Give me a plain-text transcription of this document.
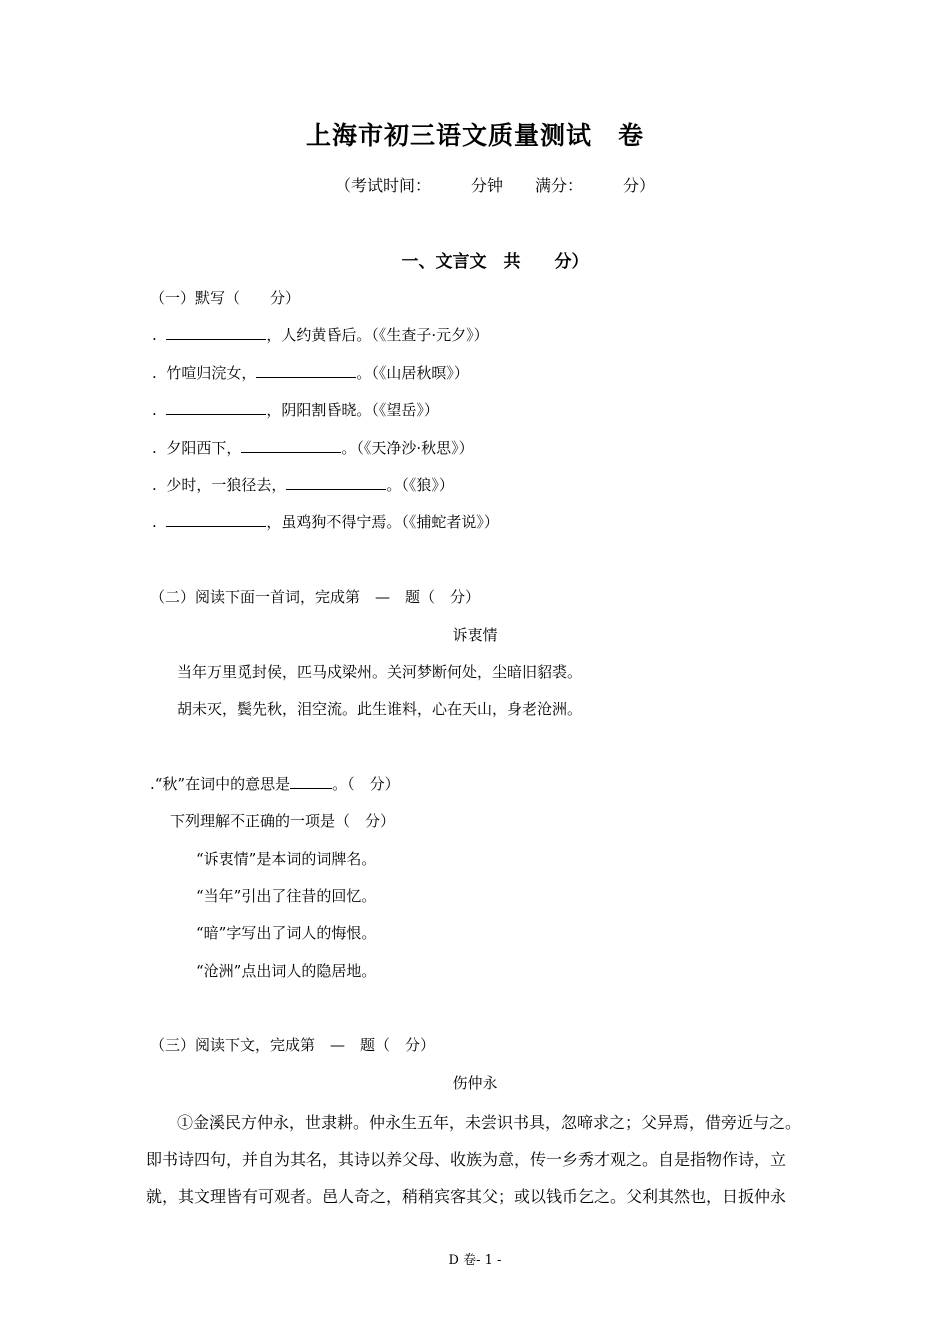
上海市初三语文质量测试　卷
（考试时间：　　　分钟　　满分：　　　分）
一、文言文　共　　分）
（一）默写（　　分）
.	，人约黄昏后。（《生查子·元夕》）
. 竹喧归浣女，	。（《山居秋暝》）
.	，阴阳割昏晓。（《望岳》）
. 夕阳西下，	。（《天净沙·秋思》）
. 少时，一狼径去，	。（《狼》）
.	，虽鸡狗不得宁焉。（《捕蛇者说》）
（二）阅读下面一首词，完成第　—　题（　分）
诉衷情
当年万里觅封侯，匹马戍梁州。关河梦断何处，尘暗旧貂裘。
胡未灭，鬓先秋，泪空流。此生谁料，心在天山，身老沧洲。
.“秋”在词中的意思是	。（　分）
下列理解不正确的一项是（　分）
“诉衷情”是本词的词牌名。
“当年”引出了往昔的回忆。
“暗”字写出了词人的悔恨。
“沧洲”点出词人的隐居地。
（三）阅读下文，完成第　—　题（　分）
伤仲永
①金溪民方仲永，世隶耕。仲永生五年，未尝识书具，忽啼求之；父异焉，借旁近与之。
即书诗四句，并自为其名，其诗以养父母、收族为意，传一乡秀才观之。自是指物作诗，立
就，其文理皆有可观者。邑人奇之，稍稍宾客其父；或以钱币乞之。父利其然也，日扳仲永
D 卷- 1 -
